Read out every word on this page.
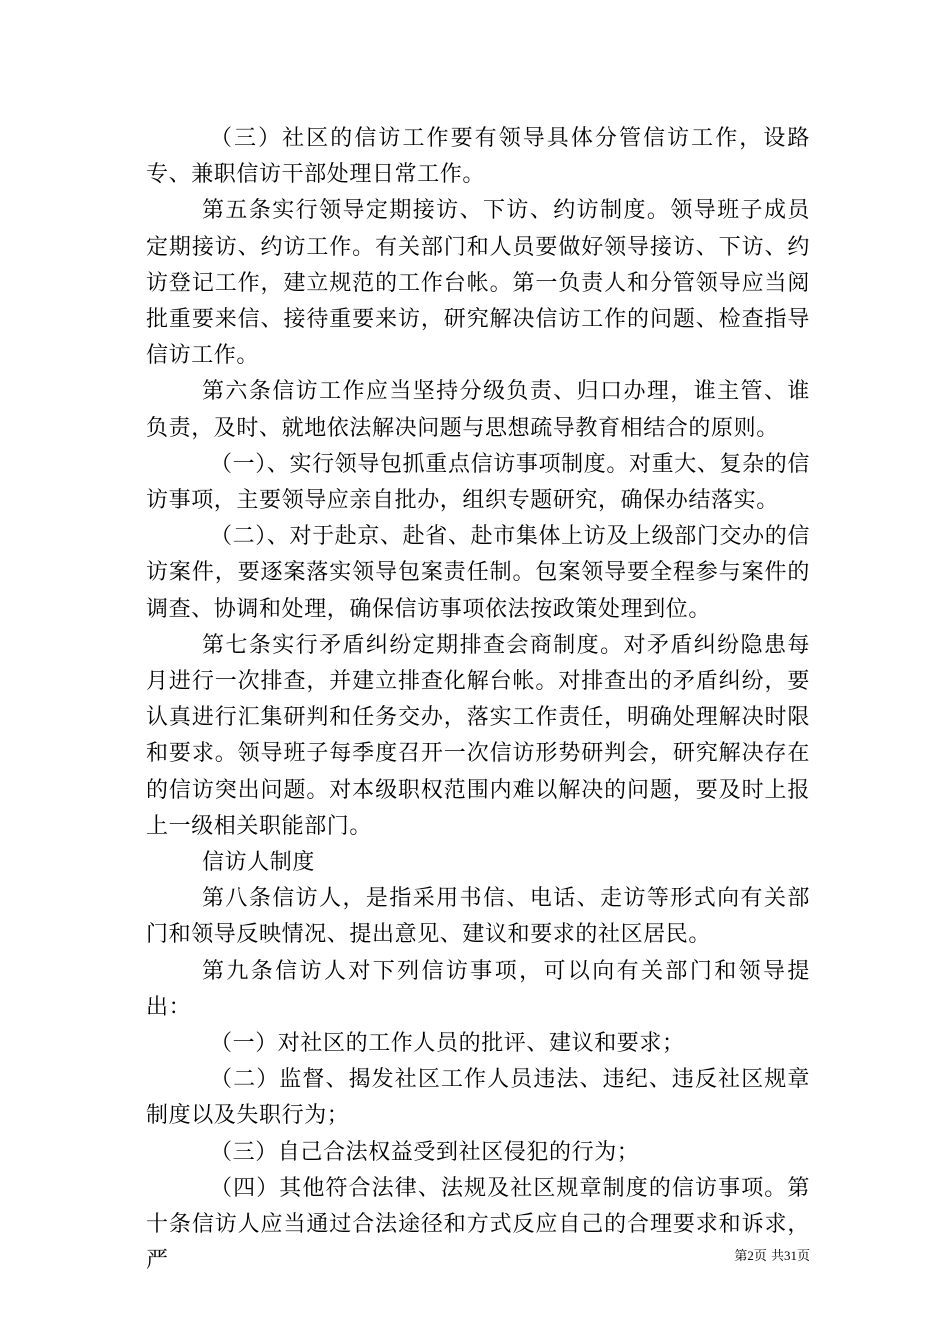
（三）社区的信访工作要有领导具体分管信访工作，设路专、兼职信访干部处理日常工作。

第五条实行领导定期接访、下访、约访制度。领导班子成员定期接访、约访工作。有关部门和人员要做好领导接访、下访、约访登记工作，建立规范的工作台帐。第一负责人和分管领导应当阅批重要来信、接待重要来访，研究解决信访工作的问题、检查指导信访工作。

第六条信访工作应当坚持分级负责、归口办理，谁主管、谁负责，及时、就地依法解决问题与思想疏导教育相结合的原则。

（一）、实行领导包抓重点信访事项制度。对重大、复杂的信访事项，主要领导应亲自批办，组织专题研究，确保办结落实。

（二）、对于赴京、赴省、赴市集体上访及上级部门交办的信访案件，要逐案落实领导包案责任制。包案领导要全程参与案件的调查、协调和处理，确保信访事项依法按政策处理到位。

第七条实行矛盾纠纷定期排查会商制度。对矛盾纠纷隐患每月进行一次排查，并建立排查化解台帐。对排查出的矛盾纠纷，要认真进行汇集研判和任务交办，落实工作责任，明确处理解决时限和要求。领导班子每季度召开一次信访形势研判会，研究解决存在的信访突出问题。对本级职权范围内难以解决的问题，要及时上报上一级相关职能部门。

信访人制度

第八条信访人，是指采用书信、电话、走访等形式向有关部门和领导反映情况、提出意见、建议和要求的社区居民。

第九条信访人对下列信访事项，可以向有关部门和领导提出：

（一）对社区的工作人员的批评、建议和要求；

（二）监督、揭发社区工作人员违法、违纪、违反社区规章制度以及失职行为；

（三）自己合法权益受到社区侵犯的行为；

（四）其他符合法律、法规及社区规章制度的信访事项。第十条信访人应当通过合法途径和方式反应自己的合理要求和诉求，严	第2页 共31页
